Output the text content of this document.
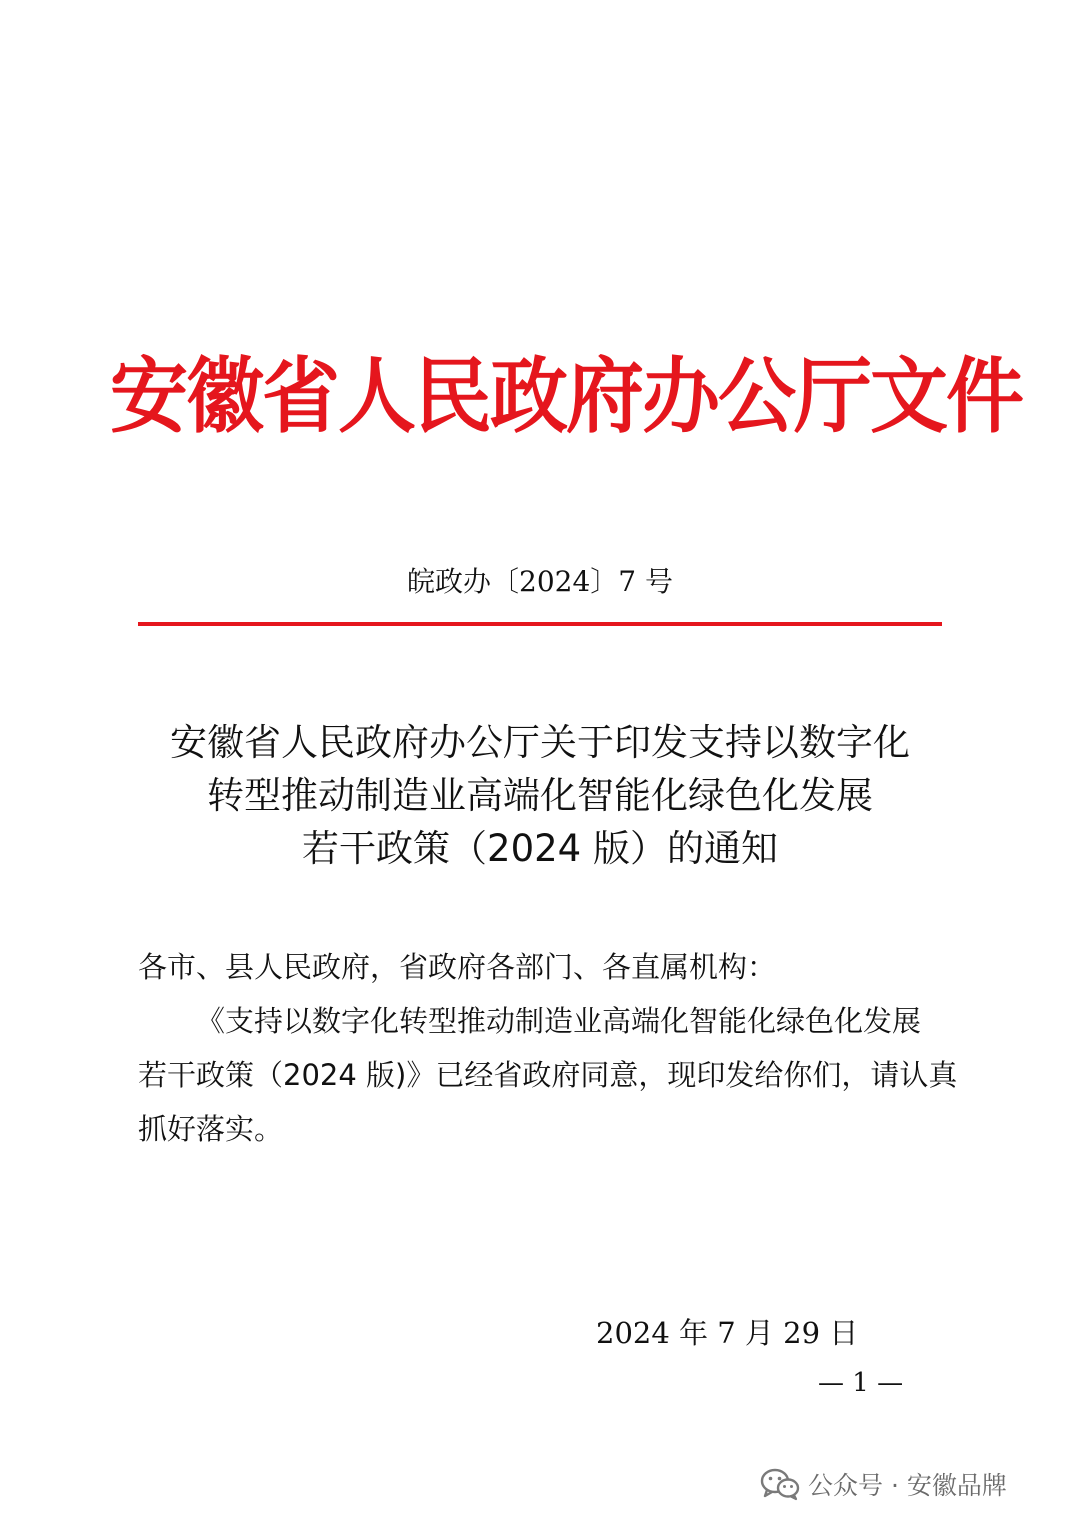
安徽省人民政府办公厅文件
皖政办〔2024〕7 号
安徽省人民政府办公厅关于印发支持以数字化
转型推动制造业高端化智能化绿色化发展
若干政策（2024 版）的通知
各市、县人民政府，省政府各部门、各直属机构：
《支持以数字化转型推动制造业高端化智能化绿色化发展
若干政策（2024 版)》已经省政府同意，现印发给你们，请认真
抓好落实。
2024 年 7 月 29 日
— 1 —
公众号 · 安徽品牌
